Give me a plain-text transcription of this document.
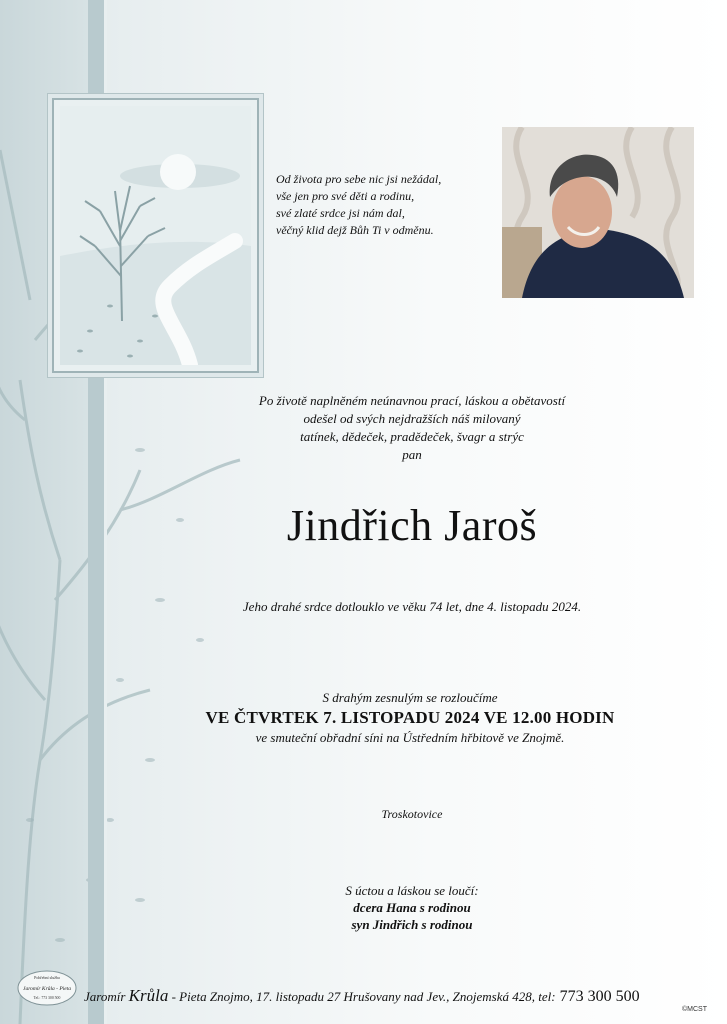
Od života pro sebe nic jsi nežádal,
vše jen pro své děti a rodinu,
své zlaté srdce jsi nám dal,
věčný klid dejž Bůh Ti v odměnu.
Po životě naplněném neúnavnou prací, láskou a obětavostí
odešel od svých nejdražších náš milovaný
tatínek, dědeček, pradědeček, švagr a strýc
pan
Jindřich Jaroš
Jeho drahé srdce dotlouklo ve věku 74 let, dne 4. listopadu 2024.
S drahým zesnulým se rozloučíme
VE ČTVRTEK 7. LISTOPADU 2024 VE 12.00 HODIN
ve smuteční obřadní síni na Ústředním hřbitově ve Znojmě.
Troskotovice
S úctou a láskou se loučí:
dcera Hana s rodinou
syn Jindřich s rodinou
Pohřební služba
Jaromír Krůla - Pieta
Tel.: 773 300 500 Jaromír Krůla - Pieta Znojmo, 17. listopadu 27 Hrušovany nad Jev., Znojemská 428, tel: 773 300 500
©MCST
